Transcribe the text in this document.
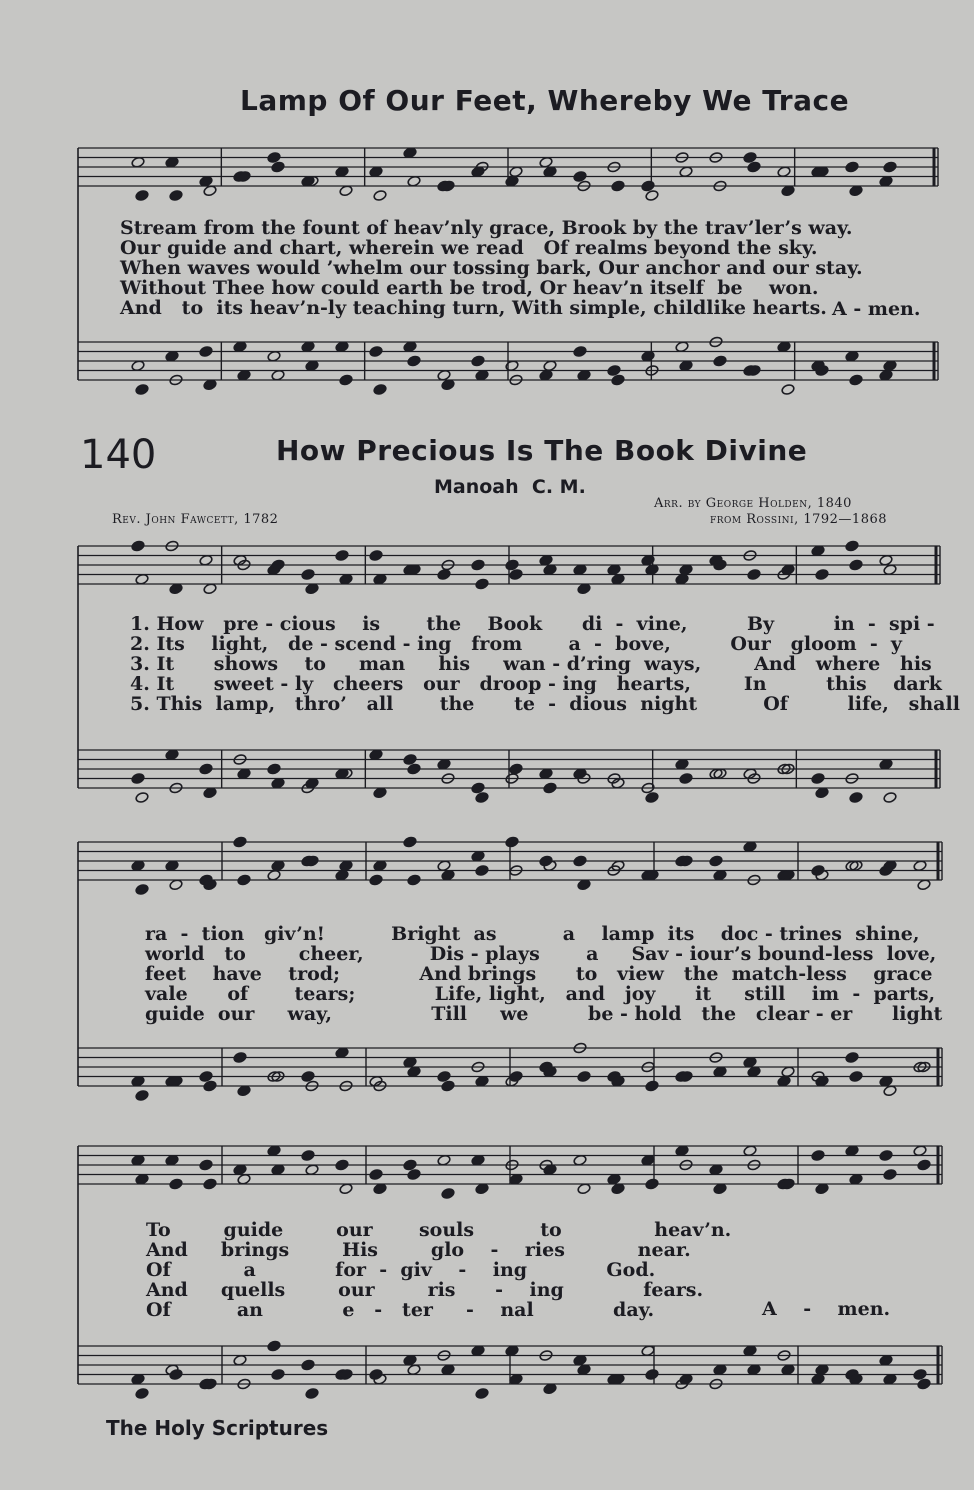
Lamp Of Our Feet, Whereby We Trace
Stream from the fount of heav’nly grace, Brook by the trav’ler’s way.
Our guide and chart, wherein we read   Of realms beyond the sky.
When waves would ’whelm our tossing bark, Our anchor and our stay.
Without Thee how could earth be trod, Or heav’n itself  be    won.
And   to  its heav’n-ly teaching turn, With simple, childlike hearts. A - men.
140	How Precious Is The Book Divine
Manoah  C. M.
Rev. John Fawcett, 1782
Arr. by George Holden, 1840
from Rossini, 1792—1868
1. How   pre - cious    is       the    Book      di  -  vine,         By         in  -  spi -
2. Its    light,   de - scend - ing   from       a  -  bove,         Our   gloom  -  y
3. It      shows    to     man     his     wan - d’ring  ways,        And   where   his
4. It      sweet - ly   cheers   our   droop - ing   hearts,        In         this    dark
5. This  lamp,   thro’   all       the      te  -  dious  night          Of         life,   shall
ra  -  tion   giv’n!          Bright  as          a    lamp  its    doc - trines  shine,
world   to        cheer,          Dis - plays       a     Sav - iour’s bound-less  love,
feet    have    trod;            And brings      to   view   the  match-less    grace
vale      of       tears;            Life, light,   and   joy      it     still    im  -  parts,
guide  our     way,               Till     we         be - hold   the   clear - er      light
To        guide        our       souls          to              heav’n.
And     brings        His        glo    -    ries           near.
Of           a            for  -  giv    -    ing            God.
And     quells        our        ris      -    ing            fears.
Of          an            e   -   ter     -    nal            day.	A    -    men.
The Holy Scriptures
